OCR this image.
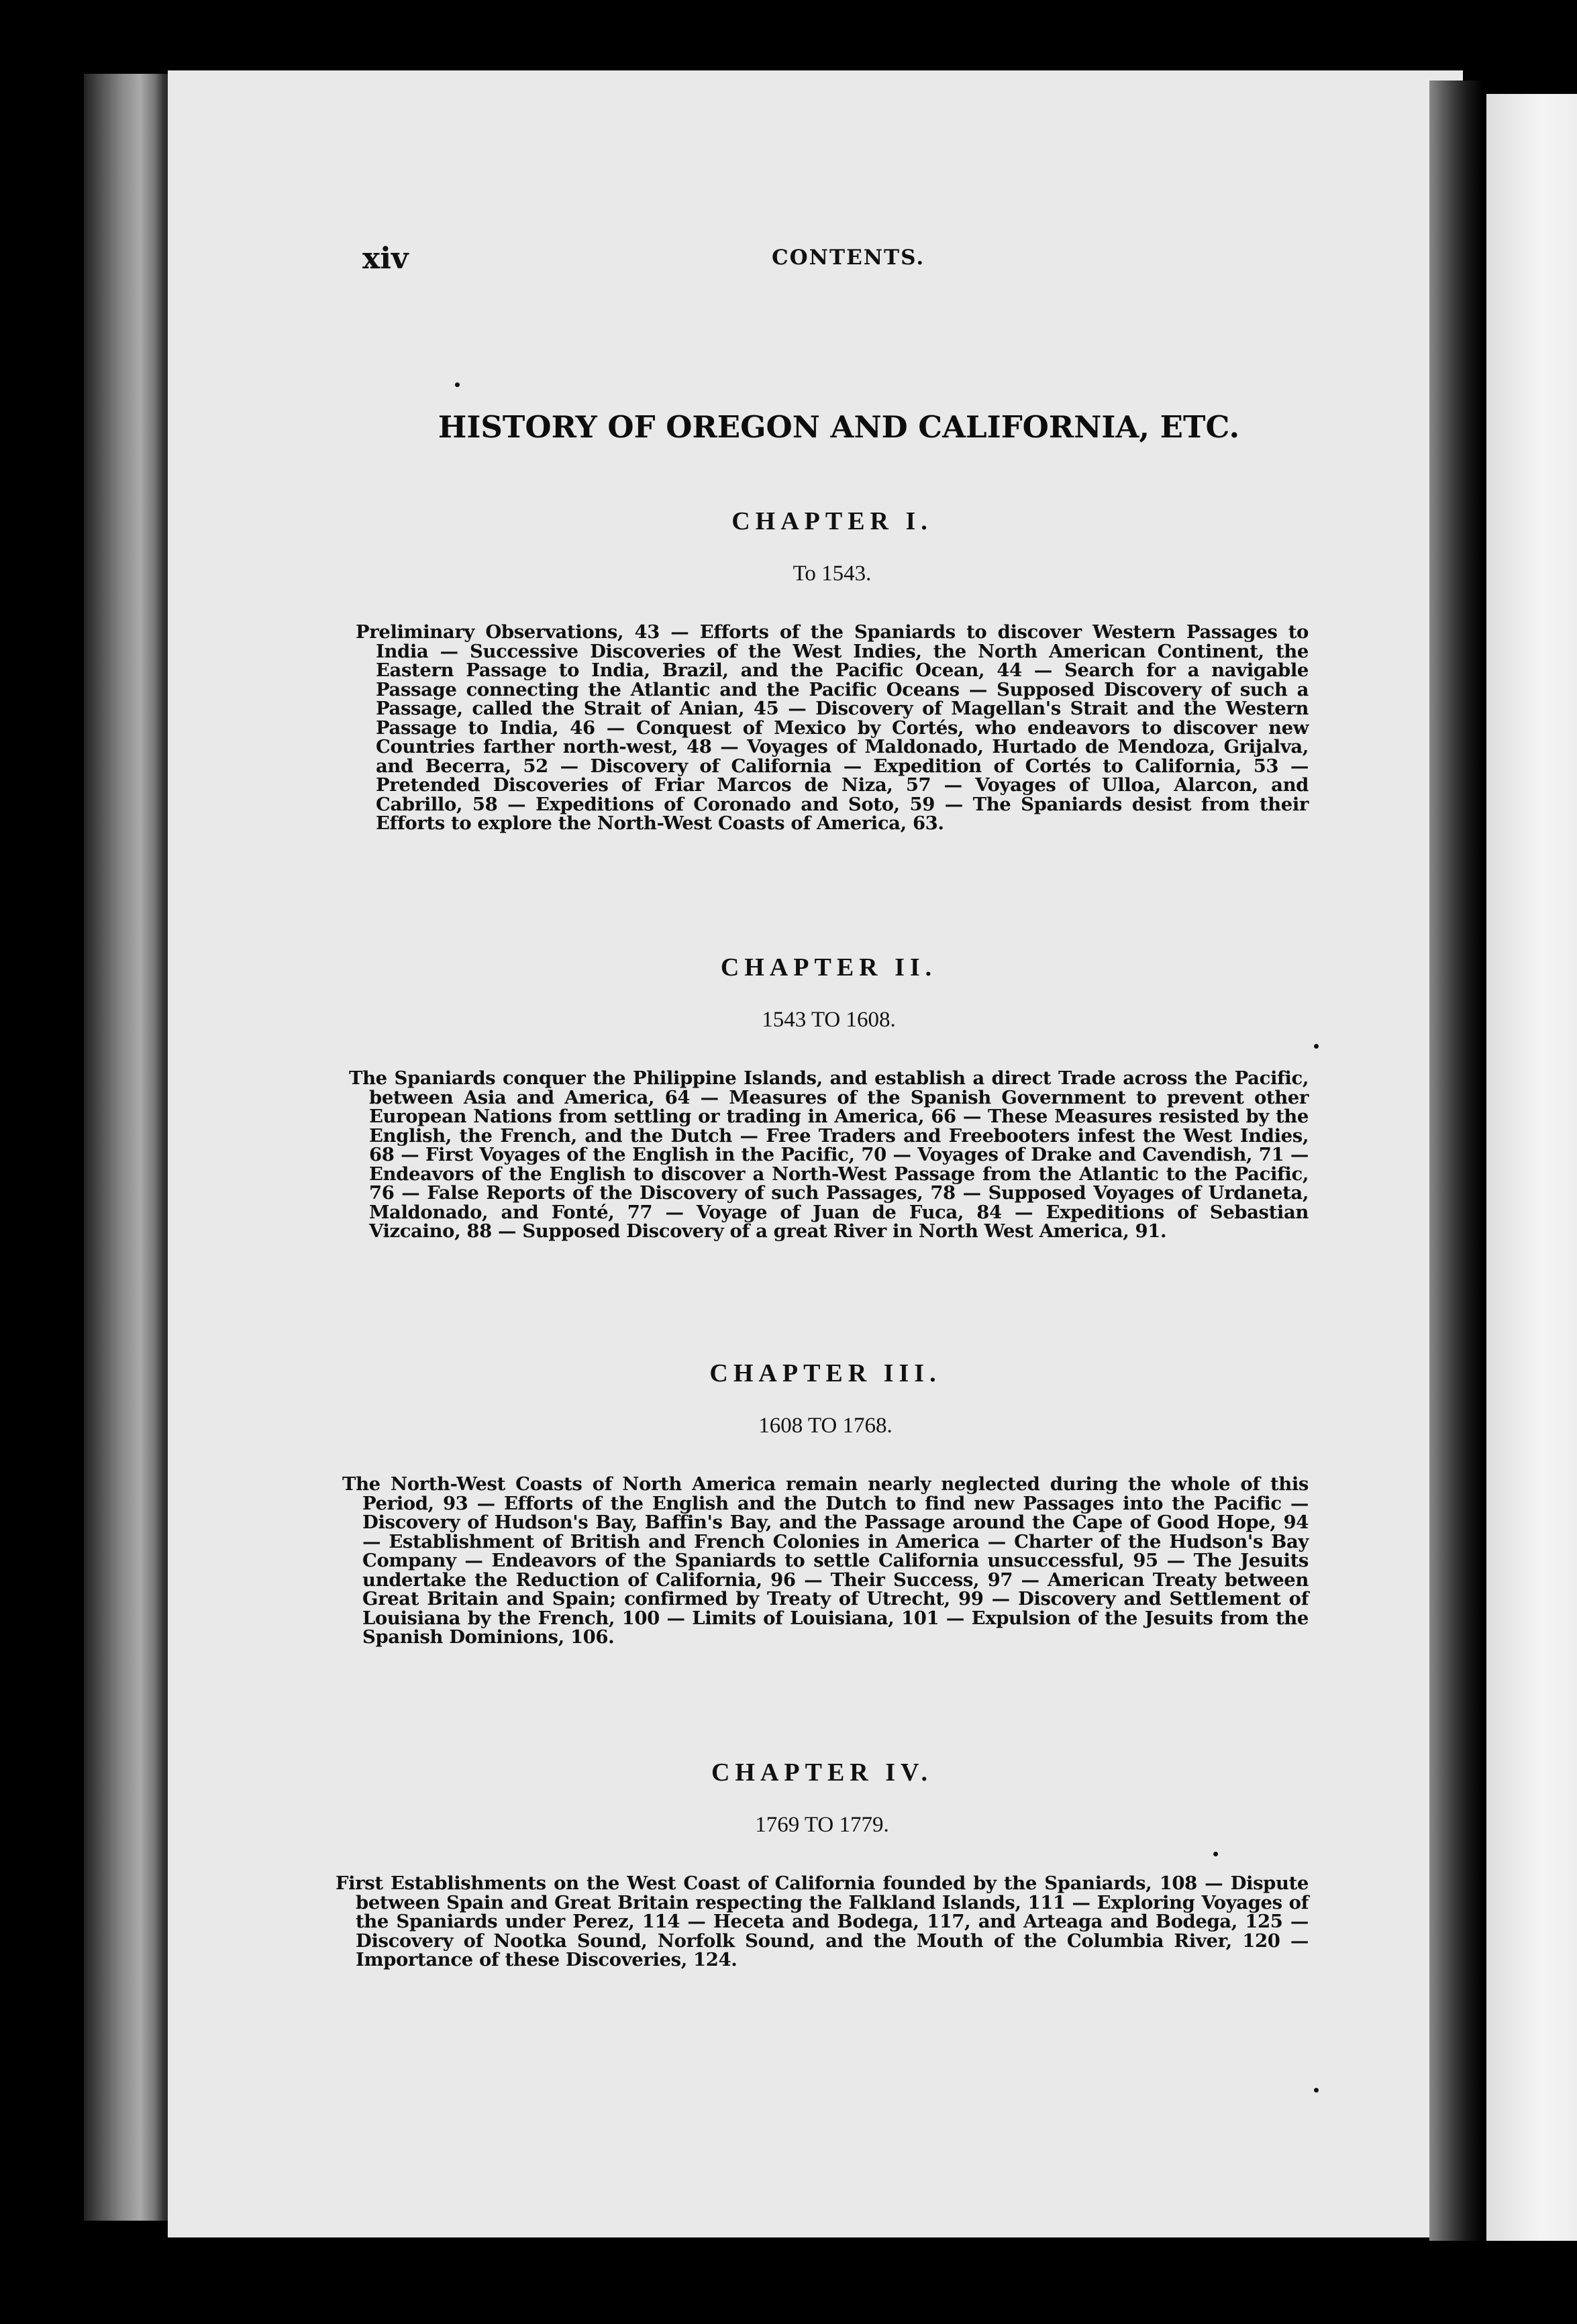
xiv	CONTENTS.
HISTORY OF OREGON AND CALIFORNIA, ETC.
CHAPTER I.

To 1543.

Preliminary Observations, 43 — Efforts of the Spaniards to discover Western Passages to India — Successive Discoveries of the West Indies, the North American Continent, the Eastern Passage to India, Brazil, and the Pacific Ocean, 44 — Search for a navigable Passage connecting the Atlantic and the Pacific Oceans — Supposed Discovery of such a Passage, called the Strait of Anian, 45 — Discovery of Magellan's Strait and the Western Passage to India, 46 — Conquest of Mexico by Cortés, who endeavors to discover new Countries farther north-west, 48 — Voyages of Maldonado, Hurtado de Mendoza, Grijalva, and Becerra, 52 — Discovery of California — Expedition of Cortés to California, 53 — Pretended Discoveries of Friar Marcos de Niza, 57 — Voyages of Ulloa, Alarcon, and Cabrillo, 58 — Expeditions of Coronado and Soto, 59 — The Spaniards desist from their Efforts to explore the North-West Coasts of America, 63.

CHAPTER II.

1543 TO 1608.

The Spaniards conquer the Philippine Islands, and establish a direct Trade across the Pacific, between Asia and America, 64 — Measures of the Spanish Government to prevent other European Nations from settling or trading in America, 66 — These Measures resisted by the English, the French, and the Dutch — Free Traders and Freebooters infest the West Indies, 68 — First Voyages of the English in the Pacific, 70 — Voyages of Drake and Cavendish, 71 — Endeavors of the English to discover a North-West Passage from the Atlantic to the Pacific, 76 — False Reports of the Discovery of such Passages, 78 — Supposed Voyages of Urdaneta, Maldonado, and Fonté, 77 — Voyage of Juan de Fuca, 84 — Expeditions of Sebastian Vizcaino, 88 — Supposed Discovery of a great River in North West America, 91.

CHAPTER III.

1608 TO 1768.

The North-West Coasts of North America remain nearly neglected during the whole of this Period, 93 — Efforts of the English and the Dutch to find new Passages into the Pacific — Discovery of Hudson's Bay, Baffin's Bay, and the Passage around the Cape of Good Hope, 94 — Establishment of British and French Colonies in America — Charter of the Hudson's Bay Company — Endeavors of the Spaniards to settle California unsuccessful, 95 — The Jesuits undertake the Reduction of California, 96 — Their Success, 97 — American Treaty between Great Britain and Spain; confirmed by Treaty of Utrecht, 99 — Discovery and Settlement of Louisiana by the French, 100 — Limits of Louisiana, 101 — Expulsion of the Jesuits from the Spanish Dominions, 106.

CHAPTER IV.

1769 TO 1779.

First Establishments on the West Coast of California founded by the Spaniards, 108 — Dispute between Spain and Great Britain respecting the Falkland Islands, 111 — Exploring Voyages of the Spaniards under Perez, 114 — Heceta and Bodega, 117, and Arteaga and Bodega, 125 — Discovery of Nootka Sound, Norfolk Sound, and the Mouth of the Columbia River, 120 — Importance of these Discoveries, 124.
